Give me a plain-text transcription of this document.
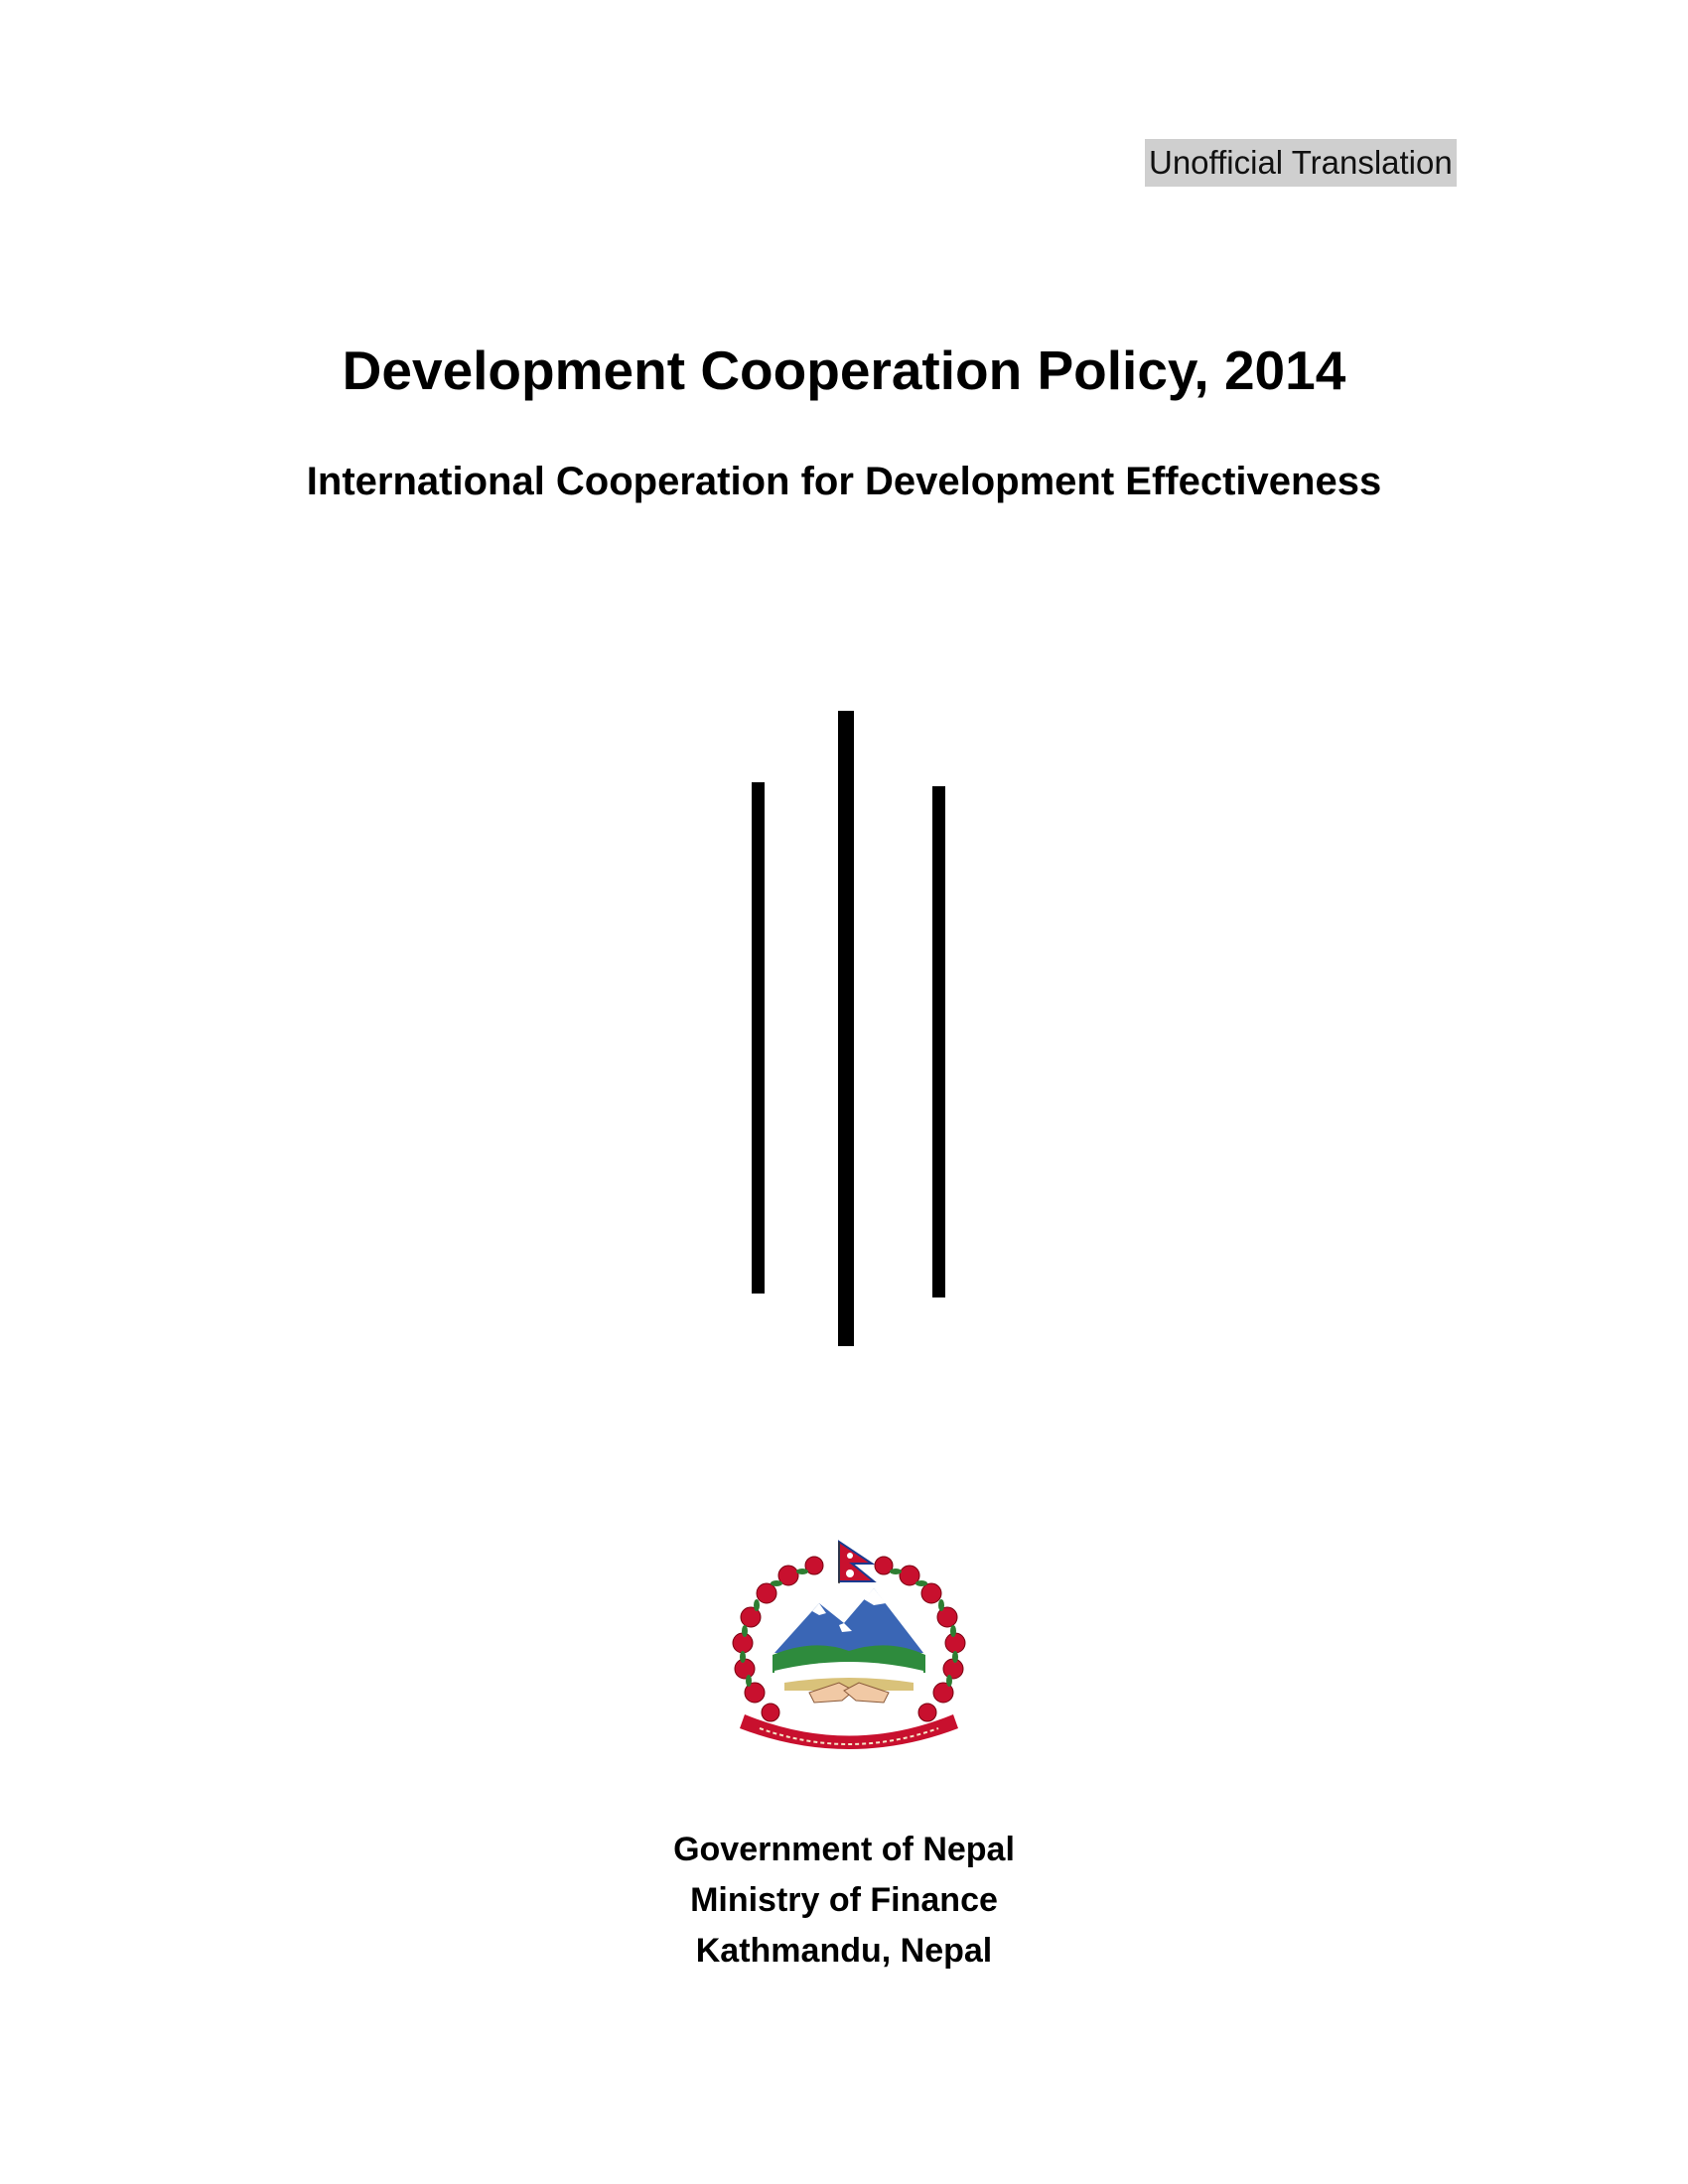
Unofficial Translation
Development Cooperation Policy, 2014
International Cooperation for Development Effectiveness
Government of Nepal
Ministry of Finance
Kathmandu, Nepal
